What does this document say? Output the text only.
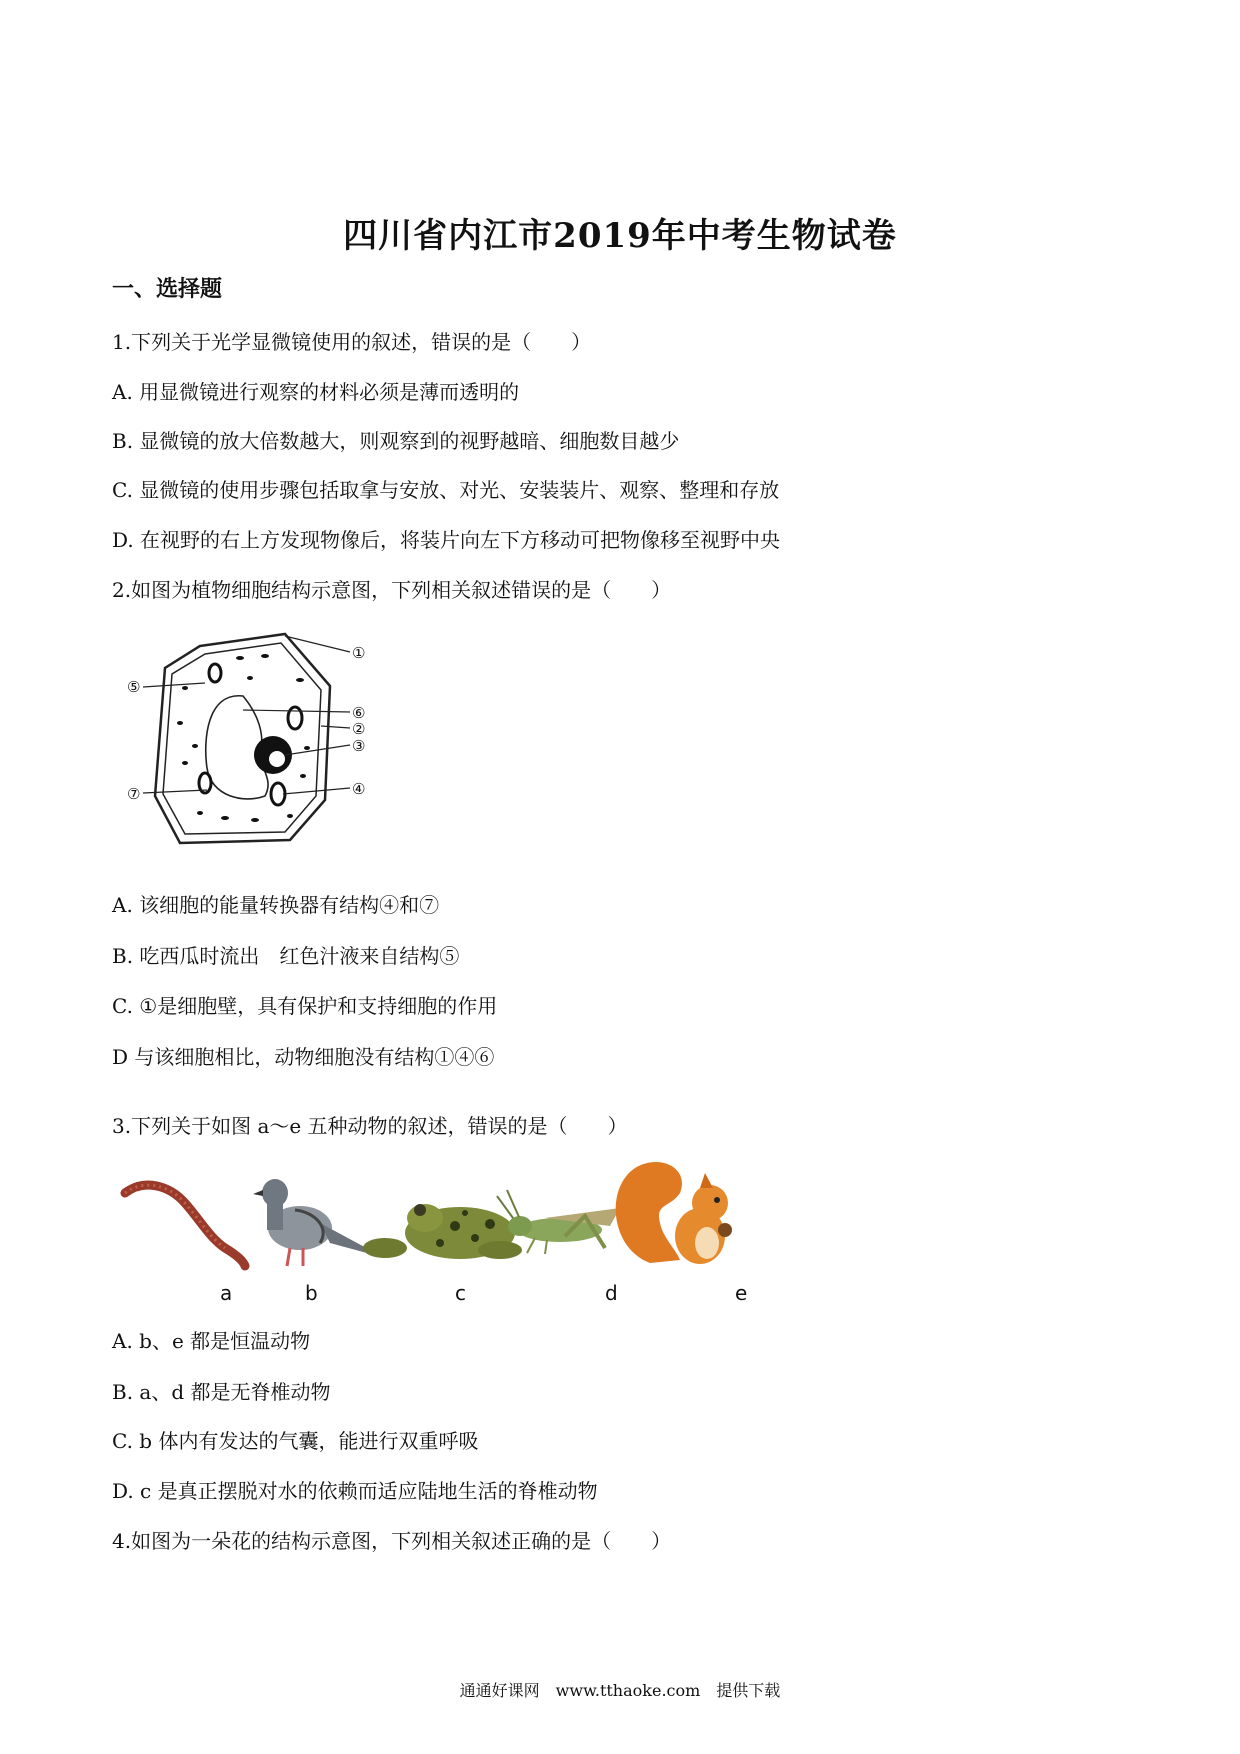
四川省内江市2019年中考生物试卷
一、选择题
1.下列关于光学显微镜使用的叙述，错误的是（　　）
A. 用显微镜进行观察的材料必须是薄而透明的
B. 显微镜的放大倍数越大，则观察到的视野越暗、细胞数目越少
C. 显微镜的使用步骤包括取拿与安放、对光、安装装片、观察、整理和存放
D. 在视野的右上方发现物像后，将装片向左下方移动可把物像移至视野中央
2.如图为植物细胞结构示意图，下列相关叙述错误的是（　　）
①
②
③
④
⑤
⑥
⑦
A. 该细胞的能量转换器有结构④和⑦
B. 吃西瓜时流出　红色汁液来自结构⑤
C. ①是细胞壁，具有保护和支持细胞的作用
D 与该细胞相比，动物细胞没有结构①④⑥
3.下列关于如图 a～e 五种动物的叙述，错误的是（　　）
a	b	c	d	e
A. b、e 都是恒温动物
B. a、d 都是无脊椎动物
C. b 体内有发达的气囊，能进行双重呼吸
D. c 是真正摆脱对水的依赖而适应陆地生活的脊椎动物
4.如图为一朵花的结构示意图，下列相关叙述正确的是（　　）
通通好课网　www.tthaoke.com　提供下载
